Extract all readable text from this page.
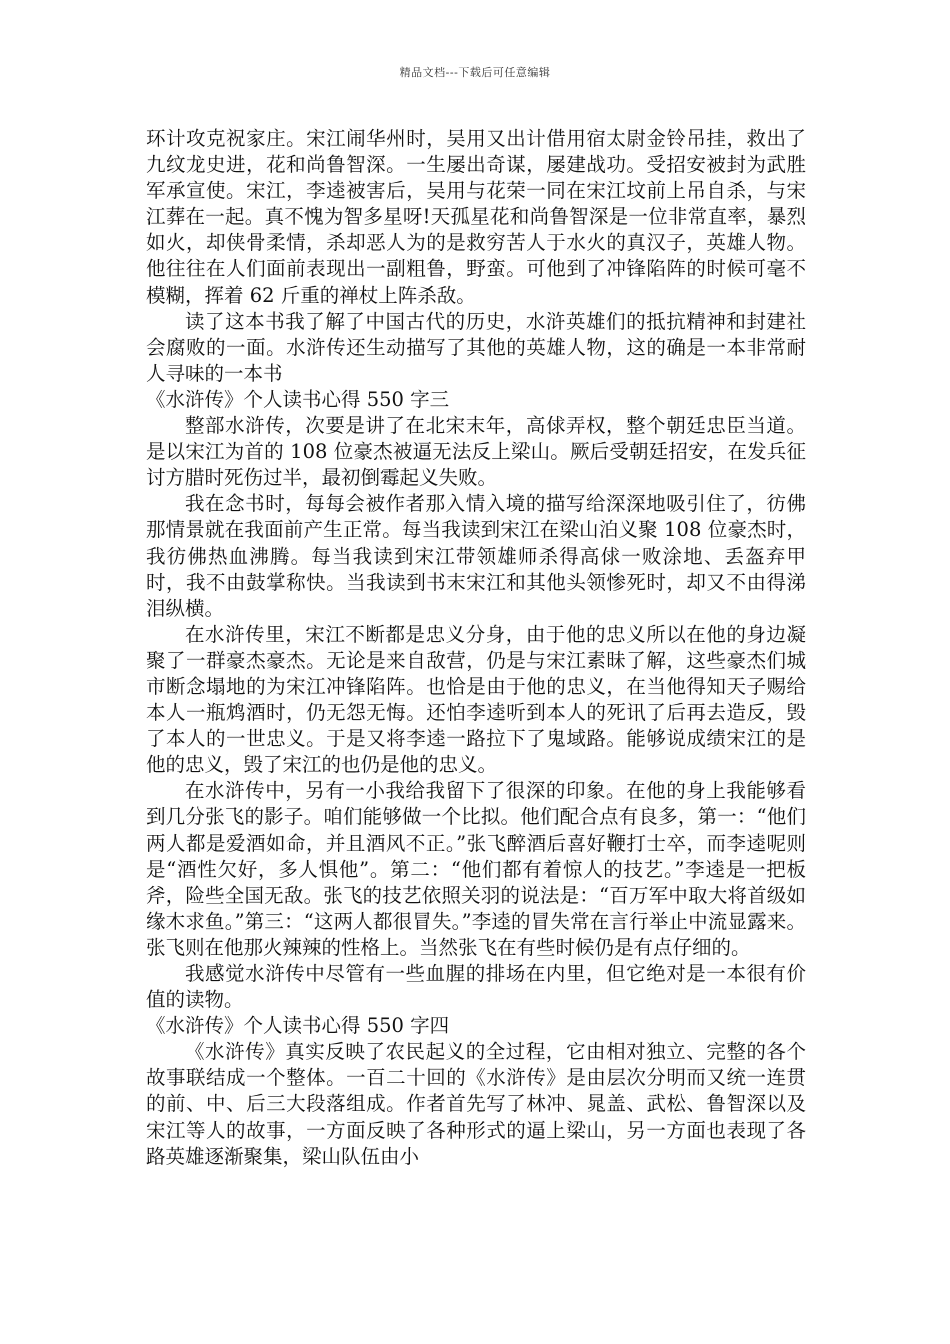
精品文档---下载后可任意编辑

环计攻克祝家庄。宋江闹华州时，吴用又出计借用宿太尉金铃吊挂，救出了九纹龙史进，花和尚鲁智深。一生屡出奇谋，屡建战功。受招安被封为武胜军承宣使。宋江，李逵被害后，吴用与花荣一同在宋江坟前上吊自杀，与宋江葬在一起。真不愧为智多星呀!天孤星花和尚鲁智深是一位非常直率，暴烈如火，却侠骨柔情，杀却恶人为的是救穷苦人于水火的真汉子，英雄人物。他往往在人们面前表现出一副粗鲁，野蛮。可他到了冲锋陷阵的时候可毫不模糊，挥着 62 斤重的禅杖上阵杀敌。

读了这本书我了解了中国古代的历史，水浒英雄们的抵抗精神和封建社会腐败的一面。水浒传还生动描写了其他的英雄人物，这的确是一本非常耐人寻味的一本书

《水浒传》个人读书心得 550 字三

整部水浒传，次要是讲了在北宋末年，高俅弄权，整个朝廷忠臣当道。是以宋江为首的 108 位豪杰被逼无法反上梁山。厥后受朝廷招安，在发兵征讨方腊时死伤过半，最初倒霉起义失败。

我在念书时，每每会被作者那入情入境的描写给深深地吸引住了，彷佛那情景就在我面前产生正常。每当我读到宋江在梁山泊义聚 108 位豪杰时，我彷佛热血沸腾。每当我读到宋江带领雄师杀得高俅一败涂地、丢盔弃甲时，我不由鼓掌称快。当我读到书末宋江和其他头领惨死时，却又不由得涕泪纵横。

在水浒传里，宋江不断都是忠义分身，由于他的忠义所以在他的身边凝聚了一群豪杰豪杰。无论是来自敌营，仍是与宋江素昧了解，这些豪杰们城市断念塌地的为宋江冲锋陷阵。也恰是由于他的忠义，在当他得知天子赐给本人一瓶鸩酒时，仍无怨无悔。还怕李逵听到本人的死讯了后再去造反，毁了本人的一世忠义。于是又将李逵一路拉下了鬼域路。能够说成绩宋江的是他的忠义，毁了宋江的也仍是他的忠义。

在水浒传中，另有一小我给我留下了很深的印象。在他的身上我能够看到几分张飞的影子。咱们能够做一个比拟。他们配合点有良多，第一：“他们两人都是爱酒如命，并且酒风不正。”张飞醉酒后喜好鞭打士卒，而李逵呢则是“酒性欠好，多人惧他”。第二：“他们都有着惊人的技艺。”李逵是一把板斧，险些全国无敌。张飞的技艺依照关羽的说法是：“百万军中取大将首级如缘木求鱼。”第三：“这两人都很冒失。”李逵的冒失常在言行举止中流显露来。张飞则在他那火辣辣的性格上。当然张飞在有些时候仍是有点仔细的。

我感觉水浒传中尽管有一些血腥的排场在内里，但它绝对是一本很有价值的读物。

《水浒传》个人读书心得 550 字四

《水浒传》真实反映了农民起义的全过程，它由相对独立、完整的各个故事联结成一个整体。一百二十回的《水浒传》是由层次分明而又统一连贯的前、中、后三大段落组成。作者首先写了林冲、晁盖、武松、鲁智深以及宋江等人的故事，一方面反映了各种形式的逼上梁山，另一方面也表现了各路英雄逐渐聚集，梁山队伍由小
